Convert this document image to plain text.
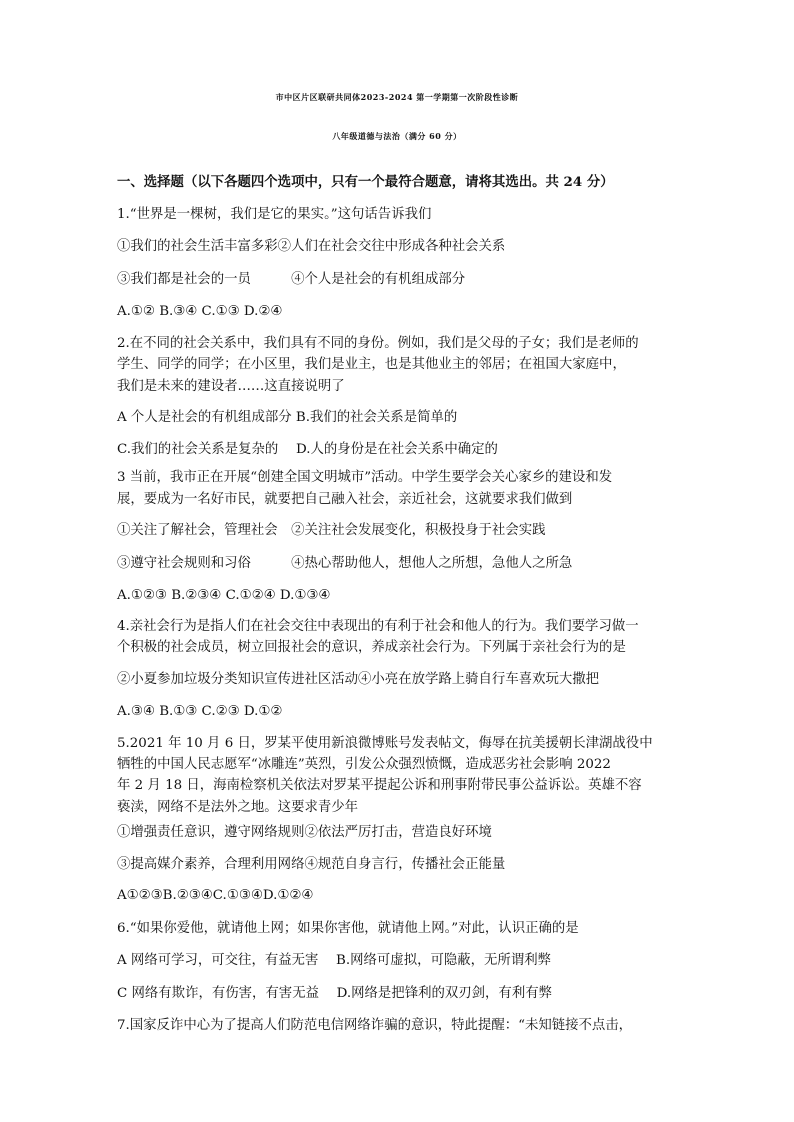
市中区片区联研共同体2023-2024 第一学期第一次阶段性诊断
八年级道德与法治（满分 60 分）
一、选择题（以下各题四个选项中，只有一个最符合题意，请将其选出。共 24 分）
1.“世界是一棵树，我们是它的果实。”这句话告诉我们
①我们的社会生活丰富多彩②人们在社会交往中形成各种社会关系
③我们都是社会的一员　　　④个人是社会的有机组成部分
A.①② B.③④ C.①③ D.②④
2.在不同的社会关系中，我们具有不同的身份。例如，我们是父母的子女；我们是老师的
学生、同学的同学；在小区里，我们是业主，也是其他业主的邻居；在祖国大家庭中，
我们是未来的建设者……这直接说明了
A 个人是社会的有机组成部分 B.我们的社会关系是简单的
C.我们的社会关系是复杂的　 D.人的身份是在社会关系中确定的
3 当前，我市正在开展“创建全国文明城市”活动。中学生要学会关心家乡的建设和发
展，要成为一名好市民，就要把自己融入社会，亲近社会，这就要求我们做到
①关注了解社会，管理社会　②关注社会发展变化，积极投身于社会实践
③遵守社会规则和习俗　　　④热心帮助他人，想他人之所想，急他人之所急
A.①②③ B.②③④ C.①②④ D.①③④
4.亲社会行为是指人们在社会交往中表现出的有利于社会和他人的行为。我们要学习做一
个积极的社会成员，树立回报社会的意识，养成亲社会行为。下列属于亲社会行为的是
②小夏参加垃圾分类知识宣传进社区活动④小亮在放学路上骑自行车喜欢玩大撒把
A.③④ B.①③ C.②③ D.①②
5.2021 年 10 月 6 日，罗某平使用新浪微博账号发表帖文，侮辱在抗美援朝长津湖战役中
牺牲的中国人民志愿军“冰雕连”英烈，引发公众强烈愤慨，造成恶劣社会影响 2022
年 2 月 18 日，海南检察机关依法对罗某平提起公诉和刑事附带民事公益诉讼。英雄不容
亵渎，网络不是法外之地。这要求青少年
①增强责任意识，遵守网络规则②依法严厉打击，营造良好环境
③提高媒介素养，合理利用网络④规范自身言行，传播社会正能量
A①②③B.②③④C.①③④D.①②④
6.“如果你爱他，就请他上网；如果你害他，就请他上网。”对此，认识正确的是
A 网络可学习，可交往，有益无害　 B.网络可虚拟，可隐蔽，无所谓利弊
C 网络有欺诈，有伤害，有害无益　 D.网络是把锋利的双刃剑，有利有弊
7.国家反诈中心为了提高人们防范电信网络诈骗的意识，特此提醒：“未知链接不点击，
